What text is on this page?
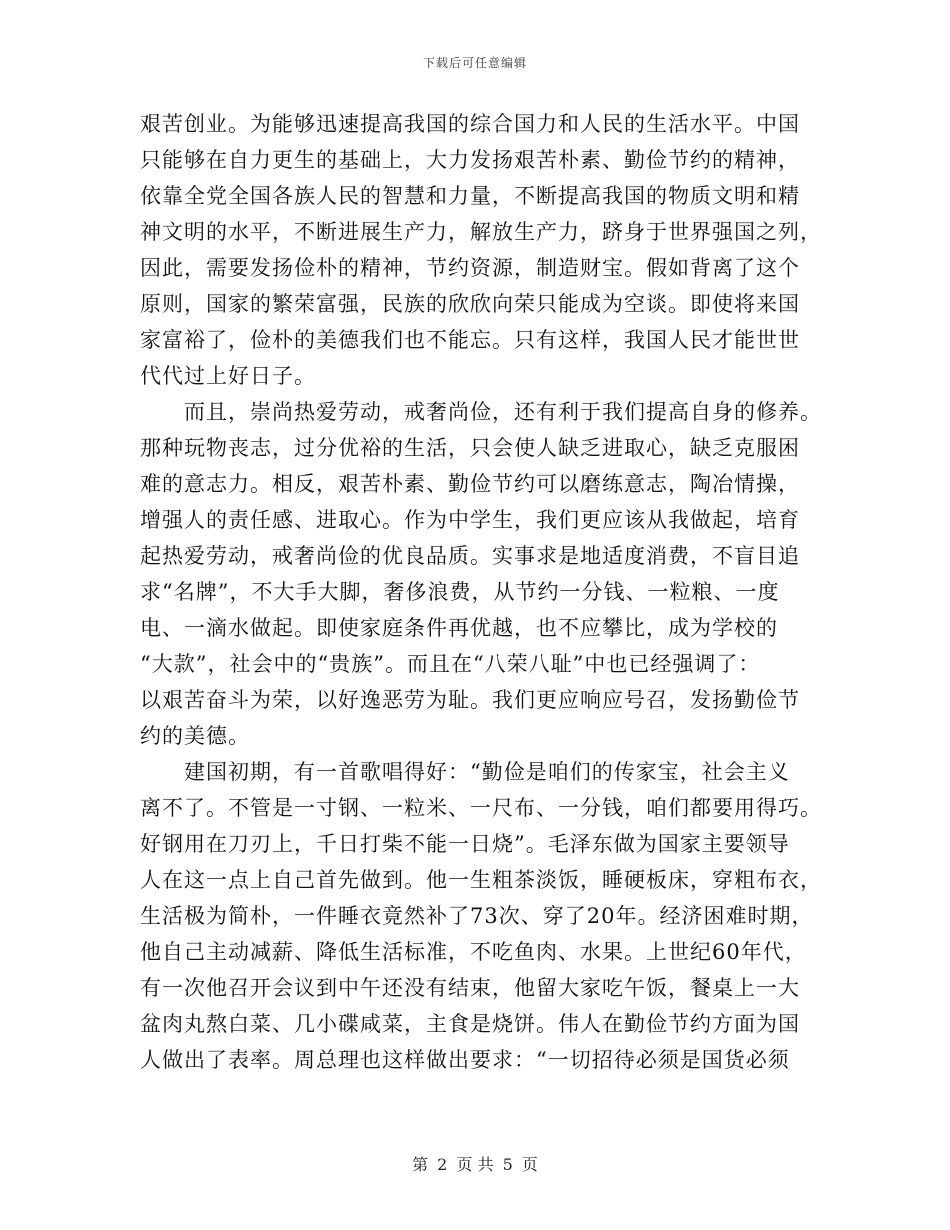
下载后可任意编辑
艰苦创业。为能够迅速提高我国的综合国力和人民的生活水平。中国
只能够在自力更生的基础上，大力发扬艰苦朴素、勤俭节约的精神，
依靠全党全国各族人民的智慧和力量，不断提高我国的物质文明和精
神文明的水平，不断进展生产力，解放生产力，跻身于世界强国之列，
因此，需要发扬俭朴的精神，节约资源，制造财宝。假如背离了这个
原则，国家的繁荣富强，民族的欣欣向荣只能成为空谈。即使将来国
家富裕了，俭朴的美德我们也不能忘。只有这样，我国人民才能世世
代代过上好日子。
　　而且，崇尚热爱劳动，戒奢尚俭，还有利于我们提高自身的修养。
那种玩物丧志，过分优裕的生活，只会使人缺乏进取心，缺乏克服困
难的意志力。相反，艰苦朴素、勤俭节约可以磨练意志，陶冶情操，
增强人的责任感、进取心。作为中学生，我们更应该从我做起，培育
起热爱劳动，戒奢尚俭的优良品质。实事求是地适度消费，不盲目追
求“名牌”，不大手大脚，奢侈浪费，从节约一分钱、一粒粮、一度
电、一滴水做起。即使家庭条件再优越，也不应攀比，成为学校的
“大款”，社会中的“贵族”。而且在“八荣八耻”中也已经强调了：
以艰苦奋斗为荣，以好逸恶劳为耻。我们更应响应号召，发扬勤俭节
约的美德。
　　建国初期，有一首歌唱得好：“勤俭是咱们的传家宝，社会主义
离不了。不管是一寸钢、一粒米、一尺布、一分钱，咱们都要用得巧。
好钢用在刀刃上，千日打柴不能一日烧”。毛泽东做为国家主要领导
人在这一点上自己首先做到。他一生粗茶淡饭，睡硬板床，穿粗布衣，
生活极为简朴，一件睡衣竟然补了73次、穿了20年。经济困难时期，
他自己主动减薪、降低生活标准，不吃鱼肉、水果。上世纪60年代，
有一次他召开会议到中午还没有结束，他留大家吃午饭，餐桌上一大
盆肉丸熬白菜、几小碟咸菜，主食是烧饼。伟人在勤俭节约方面为国
人做出了表率。周总理也这样做出要求：“一切招待必须是国货必须
第 2 页 共 5 页
